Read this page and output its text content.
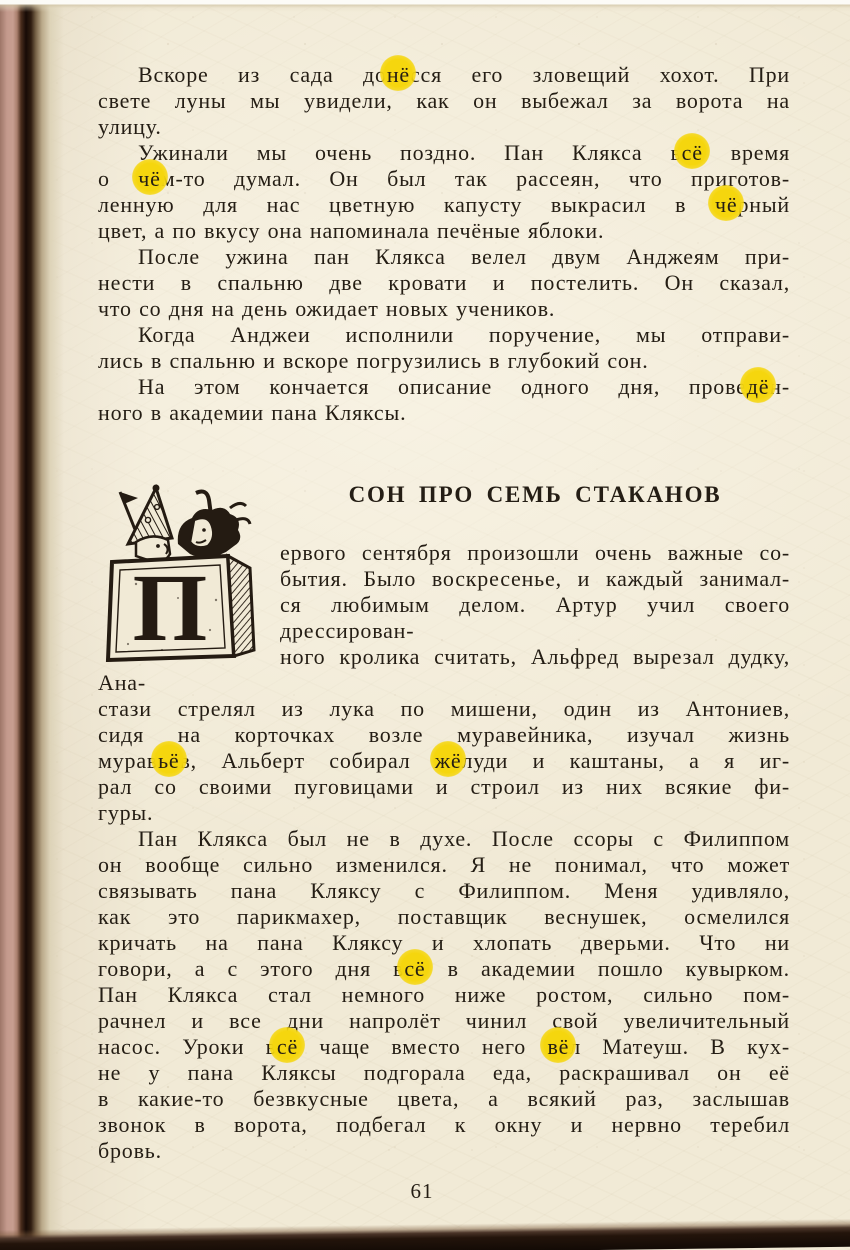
Вскоре из сада донёсся его зловещий хохот. При
свете луны мы увидели, как он выбежал за ворота на
улицу.
Ужинали мы очень поздно. Пан Клякса всё время
о чём-то думал. Он был так рассеян, что приготов-
ленную для нас цветную капусту выкрасил в чёрный
цвет, а по вкусу она напоминала печёные яблоки.
После ужина пан Клякса велел двум Анджеям при-
нести в спальню две кровати и постелить. Он сказал,
что со дня на день ожидает новых учеников.
Когда Анджеи исполнили поручение, мы отправи-
лись в спальню и вскоре погрузились в глубокий сон.
На этом кончается описание одного дня, проведён-
ного в академии пана Кляксы.
П
СОН ПРО СЕМЬ СТАКАНОВ
ервого сентября произошли очень важные со-
бытия. Было воскресенье, и каждый занимал-
ся любимым делом. Артур учил своего дрессирован-
ного кролика считать, Альфред вырезал дудку, Ана-
стази стрелял из лука по мишени, один из Антониев,
сидя на корточках возле муравейника, изучал жизнь
муравьёв, Альберт собирал жёлуди и каштаны, а я иг-
рал со своими пуговицами и строил из них всякие фи-
гуры.
Пан Клякса был не в духе. После ссоры с Филиппом
он вообще сильно изменился. Я не понимал, что может
связывать пана Кляксу с Филиппом. Меня удивляло,
как это парикмахер, поставщик веснушек, осмелился
кричать на пана Кляксу и хлопать дверьми. Что ни
говори, а с этого дня всё в академии пошло кувырком.
Пан Клякса стал немного ниже ростом, сильно пом-
рачнел и все дни напролёт чинил свой увеличительный
насос. Уроки всё чаще вместо него вёл Матеуш. В кух-
не у пана Кляксы подгорала еда, раскрашивал он её
в какие-то безвкусные цвета, а всякий раз, заслышав
звонок в ворота, подбегал к окну и нервно теребил
бровь.
61
